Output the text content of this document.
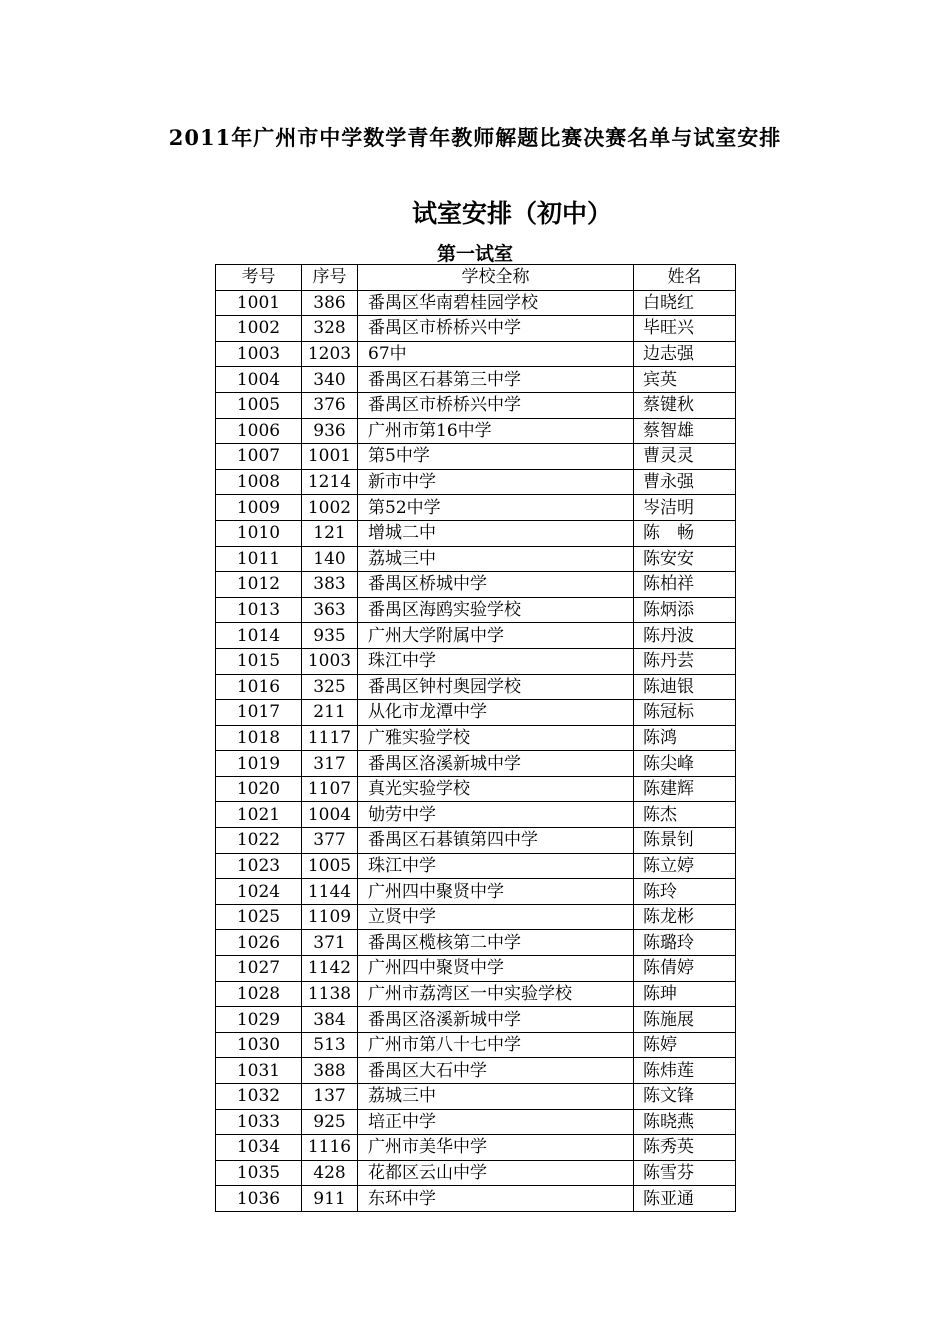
2011年广州市中学数学青年教师解题比赛决赛名单与试室安排
试室安排（初中）
第一试室
考号	序号	学校全称	姓名
1001	386	番禺区华南碧桂园学校	白晓红
1002	328	番禺区市桥桥兴中学	毕旺兴
1003	1203	67中	边志强
1004	340	番禺区石碁第三中学	宾英
1005	376	番禺区市桥桥兴中学	蔡键秋
1006	936	广州市第16中学	蔡智雄
1007	1001	第5中学	曹灵灵
1008	1214	新市中学	曹永强
1009	1002	第52中学	岑洁明
1010	121	增城二中	陈　畅
1011	140	荔城三中	陈安安
1012	383	番禺区桥城中学	陈柏祥
1013	363	番禺区海鸥实验学校	陈炳添
1014	935	广州大学附属中学	陈丹波
1015	1003	珠江中学	陈丹芸
1016	325	番禺区钟村奥园学校	陈迪银
1017	211	从化市龙潭中学	陈冠标
1018	1117	广雅实验学校	陈鸿
1019	317	番禺区洛溪新城中学	陈尖峰
1020	1107	真光实验学校	陈建辉
1021	1004	劬劳中学	陈杰
1022	377	番禺区石碁镇第四中学	陈景钊
1023	1005	珠江中学	陈立婷
1024	1144	广州四中聚贤中学	陈玲
1025	1109	立贤中学	陈龙彬
1026	371	番禺区榄核第二中学	陈璐玲
1027	1142	广州四中聚贤中学	陈倩婷
1028	1138	广州市荔湾区一中实验学校	陈珅
1029	384	番禺区洛溪新城中学	陈施展
1030	513	广州市第八十七中学	陈婷
1031	388	番禺区大石中学	陈炜莲
1032	137	荔城三中	陈文锋
1033	925	培正中学	陈晓燕
1034	1116	广州市美华中学	陈秀英
1035	428	花都区云山中学	陈雪芬
1036	911	东环中学	陈亚通
